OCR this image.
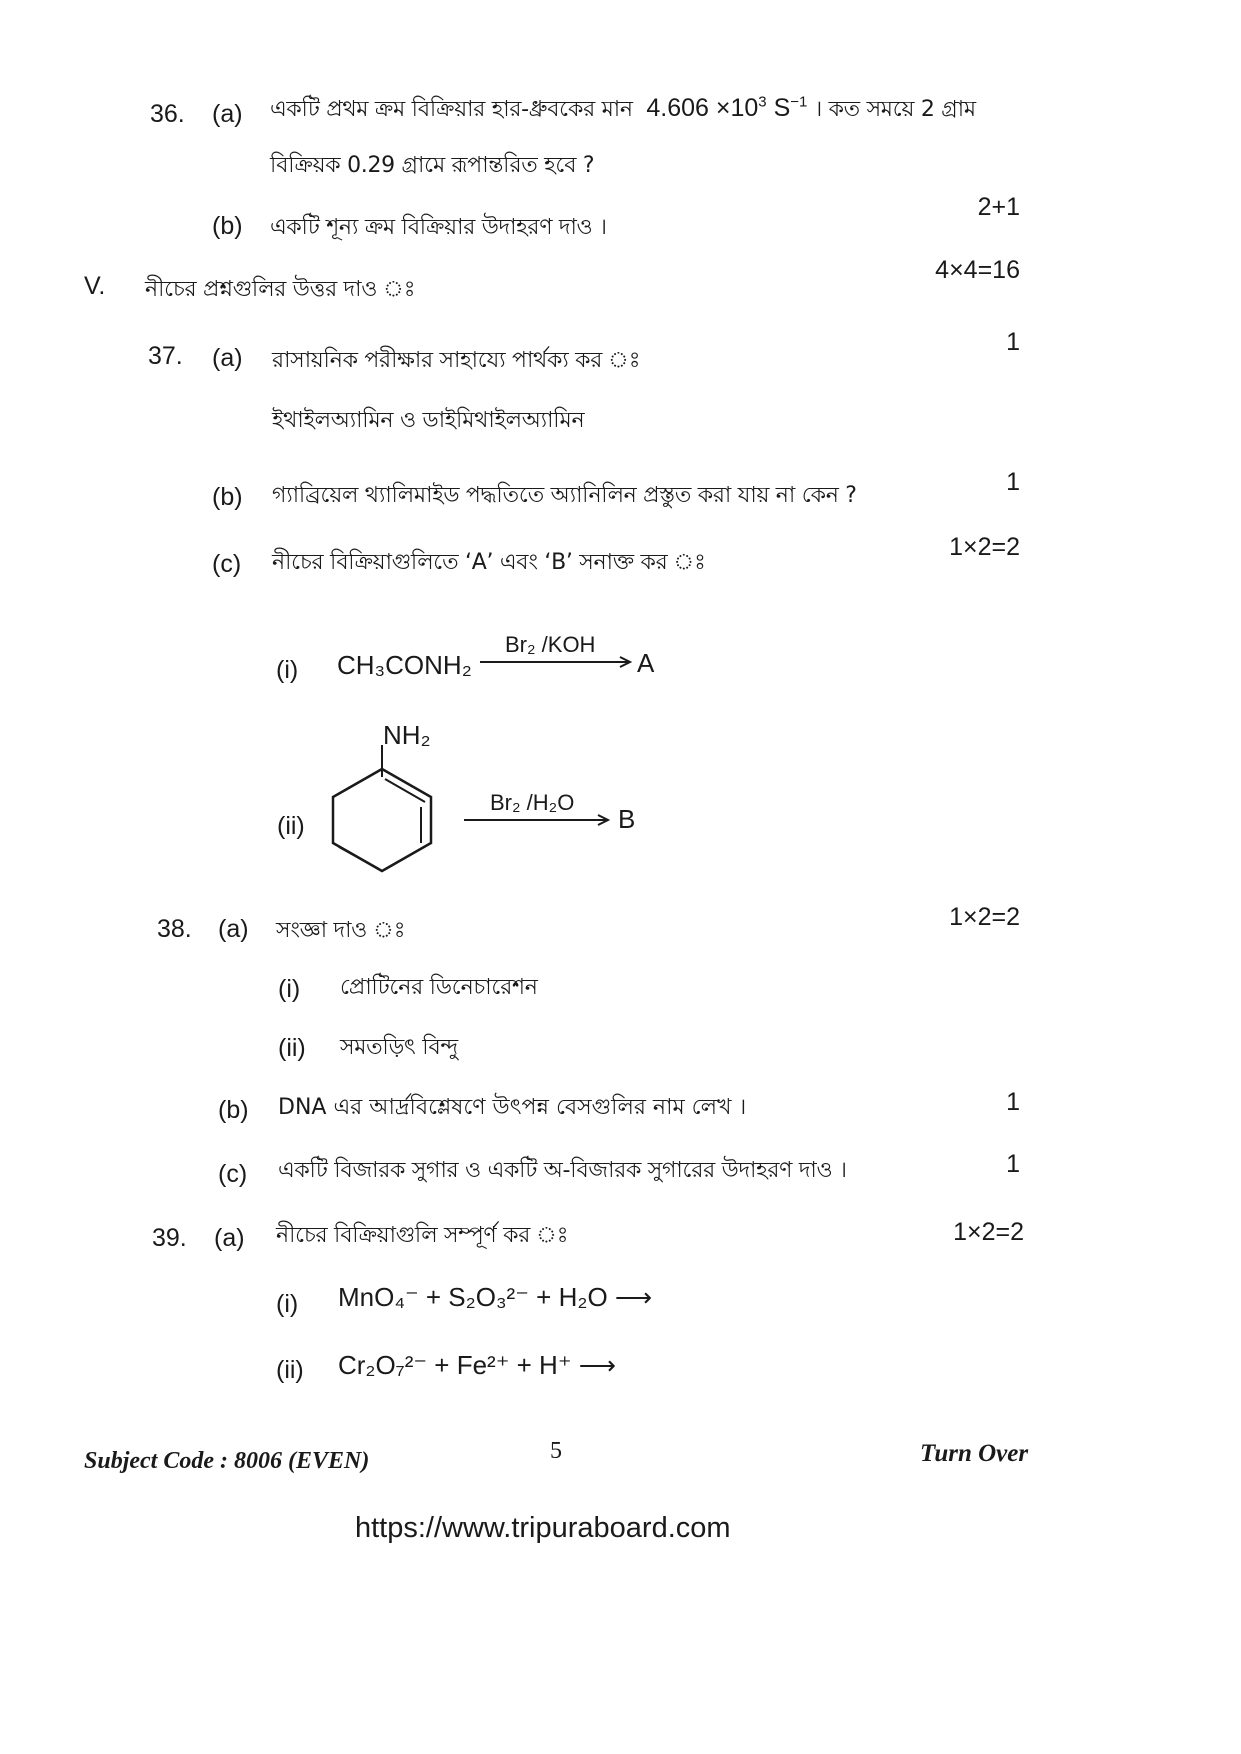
36. (a) একটি প্রথম ক্রম বিক্রিয়ার হার-ধ্রুবকের মান $4.606 \times 10^3$ $S^{-1}$ । কত সময়ে 2 গ্রাম
বিক্রিয়ক 0.29 গ্রামে রূপান্তরিত হবে ?
2+1
(b) একটি শূন্য ক্রম বিক্রিয়ার উদাহরণ দাও ।
V. নীচের প্রশ্নগুলির উত্তর দাও ঃ
4×4=16
37. (a) রাসায়নিক পরীক্ষার সাহায্যে পার্থক্য কর ঃ
1
ইথাইলঅ্যামিন ও ডাইমিথাইলঅ্যামিন
(b) গ্যাব্রিয়েল থ্যালিমাইড পদ্ধতিতে অ্যানিলিন প্রস্তুত করা যায় না কেন ?	1
(c) নীচের বিক্রিয়াগুলিতে ‘A’ এবং ‘B’ সনাক্ত কর ঃ
1×2=2
(i) CH₃CONH₂
Br₂ /KOH
A
NH₂
(ii)
Br₂ /H₂O
B
38. (a) সংজ্ঞা দাও ঃ	1×2=2
(i) প্রোটিনের ডিনেচারেশন
(ii) সমতড়িৎ বিন্দু
(b) DNA এর আর্দ্রবিশ্লেষণে উৎপন্ন বেসগুলির নাম লেখ ।	1
(c) একটি বিজারক সুগার ও একটি অ-বিজারক সুগারের উদাহরণ দাও ।	1
39. (a) নীচের বিক্রিয়াগুলি সম্পূর্ণ কর ঃ	1×2=2
(i) MnO₄⁻ + S₂O₃²⁻ + H₂O ⟶
(ii) Cr₂O₇²⁻ + Fe²⁺ + H⁺ ⟶
Subject Code : 8006 (EVEN)	5	Turn Over
https://www.tripuraboard.com
